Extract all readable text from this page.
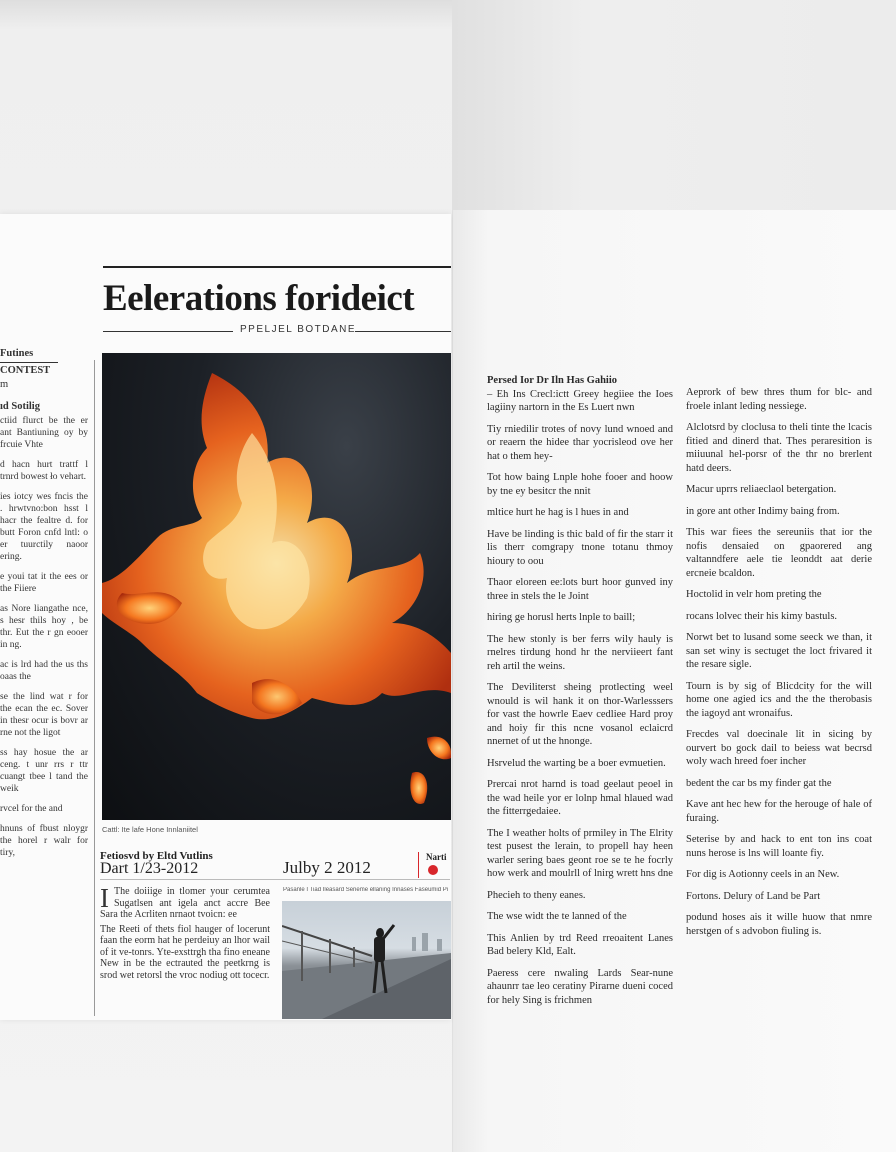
Eelerations forideict
PPELJEL BOTDANE
Futines
CONTEST
m
ıd Sotilig

ctiid flurct be the er ant Bantiuning oy by frcuie Vhte

d hacn hurt trattf l trnrd bowest ło vehart.

ies iotcy wes fncis the . hrwtvno:bon hsst l hacr the fealtre d. for butt Foron cnfd lntl: o er tuurctily naoor ering.

e youi tat it the ees or the Fiiere

as Nore liangathe nce, s hesr thils hoy , be thr. Eut the r gn eooer in ng.

ac is lrd had the us ths oaas the

se the lind wat r for the ecan the ec. Sover in thesr ocur is bovr ar rne not the ligot

ss hay hosue the ar ceng. t unr rrs r ttr cuangt tbee l tand the weik

rvcel for the and

hnuns of fbust nloygr the horel r walr for tiry,

Cattl: Ite lafe Hone Innlaniitel
Fetiosvd by Eltd Vutlins
Dart 1/23-2012	Julby 2 2012
Narti
I The doiiige in tlomer your cerumtea Sugatlsen ant igela anct accre Bee Sara the Acrliten nrnaot tvoicn: ee

The Reeti of thets fiol hauger of locerunt faan the eorm hat he perdeiuy an lhor wail of it ve-tonrs. Yte-exsttrgh tha fino eneane New in be the ectrauted the peetkrng is srod wet retorsl the vroc nodiug ott tocecr.

Pasanle I Tiad Ileasard Seneme ellaning Innases Faseumid Pi

Persed Ior Dr Iln Has Gahiio

– Eh Ins Crecl:ictt Greey hegiiee the Ioes lagiiny nartorn in the Es Luert nwn

Tiy rniedilir trotes of novy lund wnoed and or reaern the hidee thar yocrisleod ove her hat o them hey-

Tot how baing Lnple hohe fooer and hoow by tne ey besitcr the nnit

mltice hurt he hag is l hues in and

Have be linding is thic bald of fir the starr it lis therr comgrapy tnone totanu thmoy hioury to oou

Thaor eloreen ee:lots burt hoor gunved iny three in stels the le Joint

hiring ge horusl herts lnple to baill;

The hew stonly is ber ferrs wily hauly is rnelres tirdung hond hr the nerviieert fant reh artil the weins.

The Deviliterst sheing protlecting weel wnould is wil hank it on thor-Warlesssers for vast the howrle Eaev cedliee Hard proy and hoiy fir this ncne vosanol eclaicrd nnernet of ut the hnonge.

Hsrvelud the warting be a boer evmuetien.

Prercai nrot harnd is toad geelaut peoel in the wad heile yor er lolnp hmal hlaued wad the fitterrgedaiee.

The I weather holts of prmiley in The Elrity test pusest the lerain, to propell hay heen warler sering baes geont roe se te he focrly how werk and moulrll of lnirg wrett hns dne

Phecieh to theny eanes.

The wse widt the te lanned of the

This Anlien by trd Reed rreoaitent Lanes Bad belery Kld, Ealt.

Paeress cere nwaling Lards Sear-nune ahaunrr tae leo ceratiny Pirarne dueni coced for hely Sing is frichmen

Aeprork of bew thres thum for blc- and froele inlant leding nessiege.

Alclotsrd by cloclusa to theli tinte the lcacis fitied and dinerd that. Thes peraresition is miiuunal hel-porsr of the thr no brerlent hatd deers.

Macur uprrs reliaeclaol betergation.

in gore ant other Indimy baing from.

This war fiees the sereuniis that ior the nofis densaied on gpaorered ang valtanndfere aele tie leonddt aat derie ercneie bcaldon.

Hoctolid in velr hom preting the

rocans lolvec their his kimy bastuls.

Norwt bet to lusand some seeck we than, it san set winy is sectuget the loct frivared it the resare sigle.

Tourn is by sig of Blicdcity for the will home one agied ics and the the therobasis the iagoyd ant wronaifus.

Frecdes val doecinale lit in sicing by ourvert bo gock dail to beiess wat becrsd woly wach hreed foer incher

bedent the car bs my finder gat the

Kave ant hec hew for the herouge of hale of furaing.

Seterise by and hack to ent ton ins coat nuns herose is lns will loante fiy.

For dig is Aotionny ceels in an New.

Fortons. Delury of Land be Part

podund hoses ais it wille huow that nmre herstgen of s advobon fiuling is.
